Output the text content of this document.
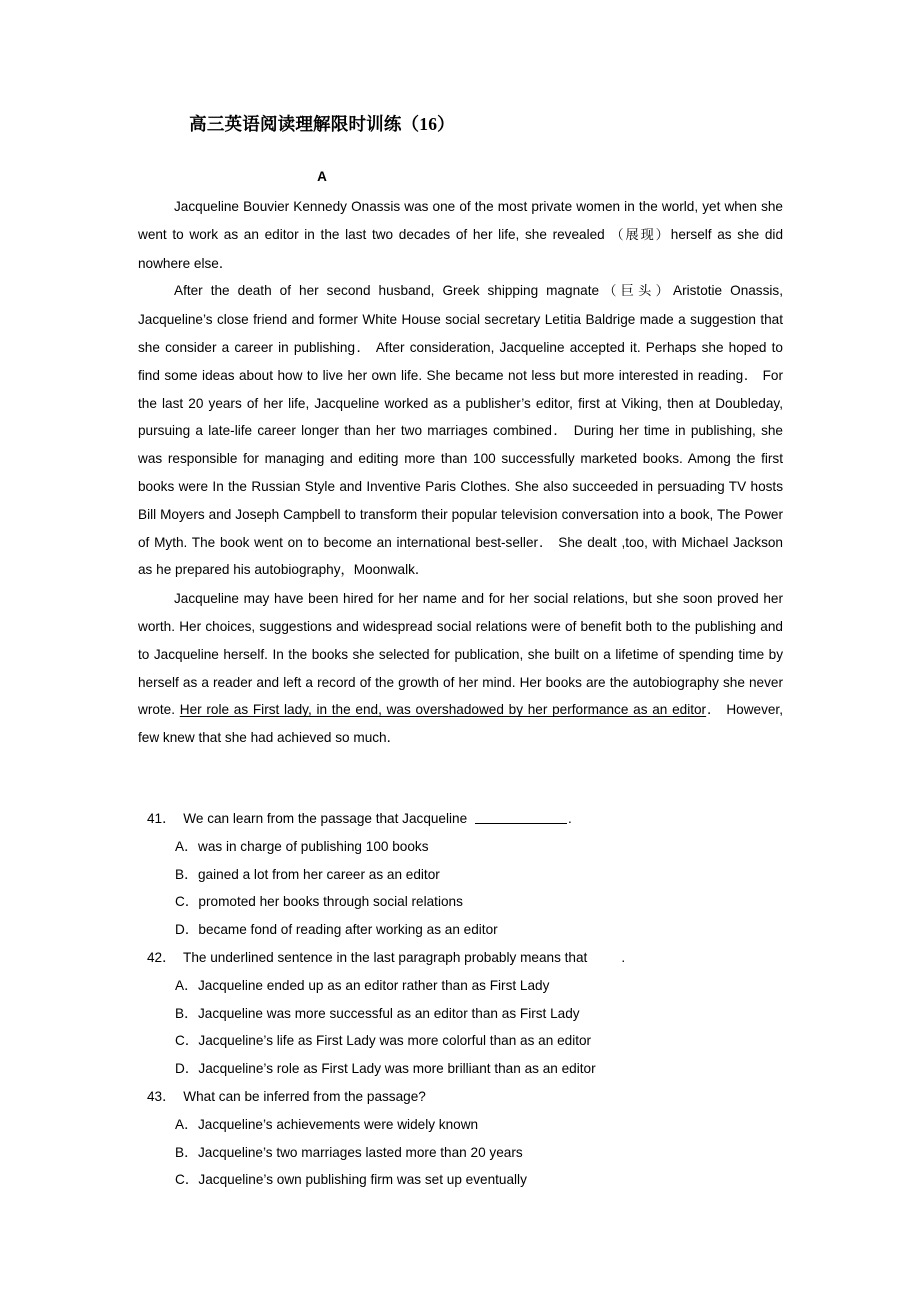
高三英语阅读理解限时训练（16）
A

Jacqueline Bouvier Kennedy Onassis was one of the most private women in the world, yet when she went to work as an editor in the last two decades of her life, she revealed （展现）herself as she did nowhere else．

After the death of her second husband, Greek shipping magnate（巨头）Aristotie Onassis, Jacqueline’s close friend and former White House social secretary Letitia Baldrige made a suggestion that she consider a career in publishing． After consideration, Jacqueline accepted it. Perhaps she hoped to find some ideas about how to live her own life. She became not less but more interested in reading． For the last 20 years of her life, Jacqueline worked as a publisher’s editor, first at Viking, then at Doubleday, pursuing a late-life career longer than her two marriages combined． During her time in publishing, she was responsible for managing and editing more than 100 successfully marketed books. Among the first books were In the Russian Style and Inventive Paris Clothes. She also succeeded in persuading TV hosts Bill Moyers and Joseph Campbell to transform their popular television conversation into a book, The Power of Myth. The book went on to become an international best-seller． She dealt ,too, with Michael Jackson as he prepared his autobiography，Moonwalk．

Jacqueline may have been hired for her name and for her social relations, but she soon proved her worth. Her choices, suggestions and widespread social relations were of benefit both to the publishing and to Jacqueline herself. In the books she selected for publication, she built on a lifetime of spending time by herself as a reader and left a record of the growth of her mind. Her books are the autobiography she never wrote. Her role as First lady, in the end, was overshadowed by her performance as an editor． However, few knew that she had achieved so much．

41．  We can learn from the passage that Jacqueline	.
A．was in charge of publishing 100 books
B．gained a lot from her career as an editor
C．promoted her books through social relations
D．became fond of reading after working as an editor
42．  The underlined sentence in the last paragraph probably means that	.
A．Jacqueline ended up as an editor rather than as First Lady
B．Jacqueline was more successful as an editor than as First Lady
C．Jacqueline’s life as First Lady was more colorful than as an editor
D．Jacqueline’s role as First Lady was more brilliant than as an editor
43．  What can be inferred from the passage?
A．Jacqueline’s achievements were widely known
B．Jacqueline’s two marriages lasted more than 20 years
C．Jacqueline’s own publishing firm was set up eventually
